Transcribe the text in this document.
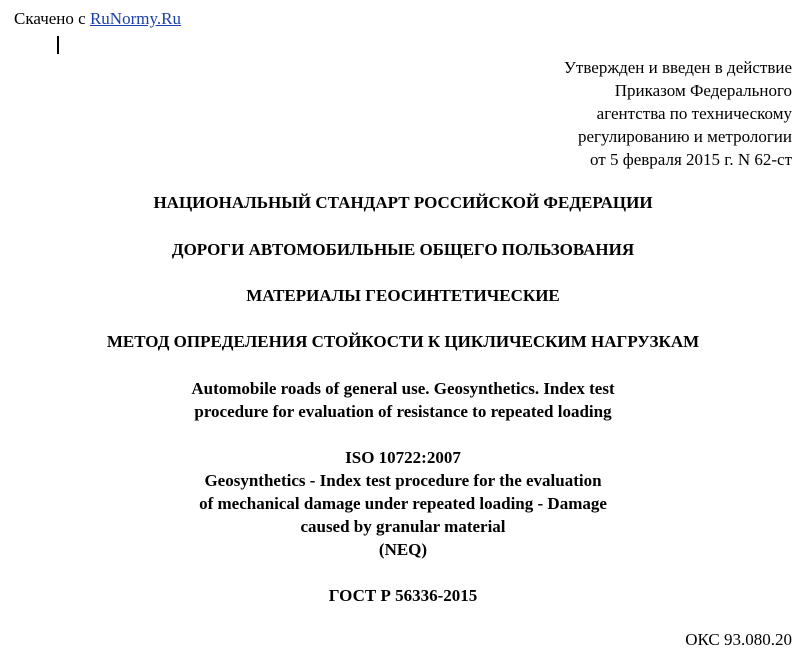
Скачено с RuNormy.Ru
Утвержден и введен в действие
Приказом Федерального
агентства по техническому
регулированию и метрологии
от 5 февраля 2015 г. N 62-ст
НАЦИОНАЛЬНЫЙ СТАНДАРТ РОССИЙСКОЙ ФЕДЕРАЦИИ
ДОРОГИ АВТОМОБИЛЬНЫЕ ОБЩЕГО ПОЛЬЗОВАНИЯ
МАТЕРИАЛЫ ГЕОСИНТЕТИЧЕСКИЕ
МЕТОД ОПРЕДЕЛЕНИЯ СТОЙКОСТИ К ЦИКЛИЧЕСКИМ НАГРУЗКАМ
Automobile roads of general use. Geosynthetics. Index test
procedure for evaluation of resistance to repeated loading
ISO 10722:2007
Geosynthetics - Index test procedure for the evaluation
of mechanical damage under repeated loading - Damage
caused by granular material
(NEQ)
ГОСТ Р 56336-2015
ОКС 93.080.20
